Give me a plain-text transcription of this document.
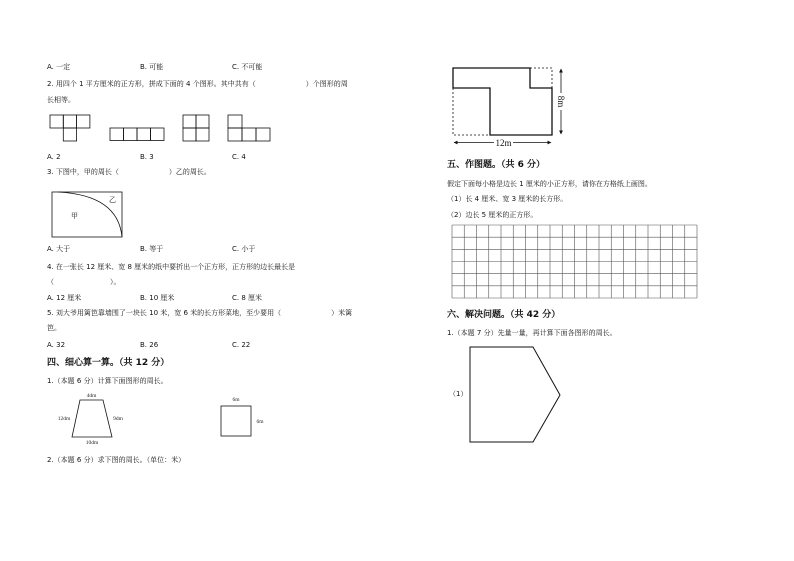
甲
乙
4dm
12dm	9dm
10dm
6m
6m
8m
12m
A. 一定	B. 可能	C. 不可能
2. 用四个 1 平方厘米的正方形，拼成下面的 4 个图形。其中共有（	）个图形的周
长相等。
A. 2	B. 3	C. 4
3. 下图中，甲的周长（	）乙的周长。
A. 大于	B. 等于	C. 小于
4. 在一张长 12 厘米、宽 8 厘米的纸中要折出一个正方形，正方形的边长最长是
（	）。
A. 12 厘米	B. 10 厘米	C. 8 厘米
5. 刘大爷用篱笆靠墙围了一块长 10 米，宽 6 米的长方形菜地，至少要用（	）米篱
笆。
A. 32	B. 26	C. 22
四、细心算一算。（共 12 分）
1.（本题 6 分）计算下面图形的周长。
2.（本题 6 分）求下图的周长。（单位：米）
五、作图题。（共 6 分）
假定下面每小格是边长 1 厘米的小正方形，请你在方格纸上画图。
（1）长 4 厘米、宽 3 厘米的长方形。
（2）边长 5 厘米的正方形。
六、解决问题。（共 42 分）
1.（本题 7 分）先量一量，再计算下面各图形的周长。
（1）
